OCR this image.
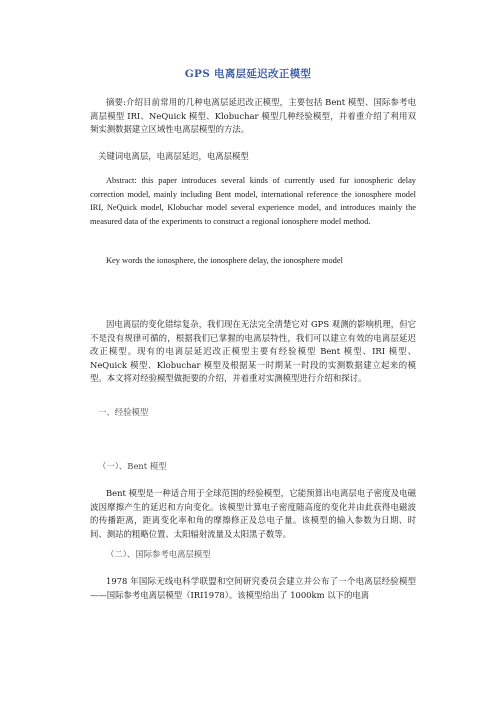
GPS 电离层延迟改正模型
摘要:介绍目前常用的几种电离层延迟改正模型，主要包括 Bent 模型、国际参考电离层模型 IRI、NeQuick 模型、Klobuchar 模型几种经验模型，并着重介绍了利用双频实测数据建立区域性电离层模型的方法。
关键词电离层，电离层延迟，电离层模型
Abstract: this paper introduces several kinds of currently used fur ionospheric delay correction model, mainly including Bent model, international reference the ionosphere model IRI, NeQuick model, Klobuchar model several experience model, and introduces mainly the measured data of the experiments to construct a regional ionosphere model method.
Key words the ionosphere, the ionosphere delay, the ionosphere model
因电离层的变化错综复杂，我们现在无法完全清楚它对 GPS 观测的影响机理，但它不是没有规律可循的，根据我们已掌握的电离层特性，我们可以建立有效的电离层延迟改正模型。现有的电离层延迟改正模型主要有经验模型 Bent 模型、IRI 模型、NeQuick 模型、Klobuchar 模型及根据某一时期某一时段的实测数据建立起来的模型。本文将对经验模型做扼要的介绍，并着重对实测模型进行介绍和探讨。
一、经验模型
（一）、Bent 模型
Bent 模型是一种适合用于全球范围的经验模型，它能预算出电离层电子密度及电磁波因摩擦产生的延迟和方向变化。该模型计算电子密度随高度的变化并由此获得电磁波的传播距离，距离变化率和角的摩擦修正及总电子量。该模型的输入参数为日期、时间、测站的粗略位置、太阳辐射流量及太阳黑子数等。
（二）、国际参考电离层模型
1978 年国际无线电科学联盟和空间研究委员会建立并公布了一个电离层经验模型——国际参考电离层模型（IRI1978）。该模型给出了 1000km 以下的电离
